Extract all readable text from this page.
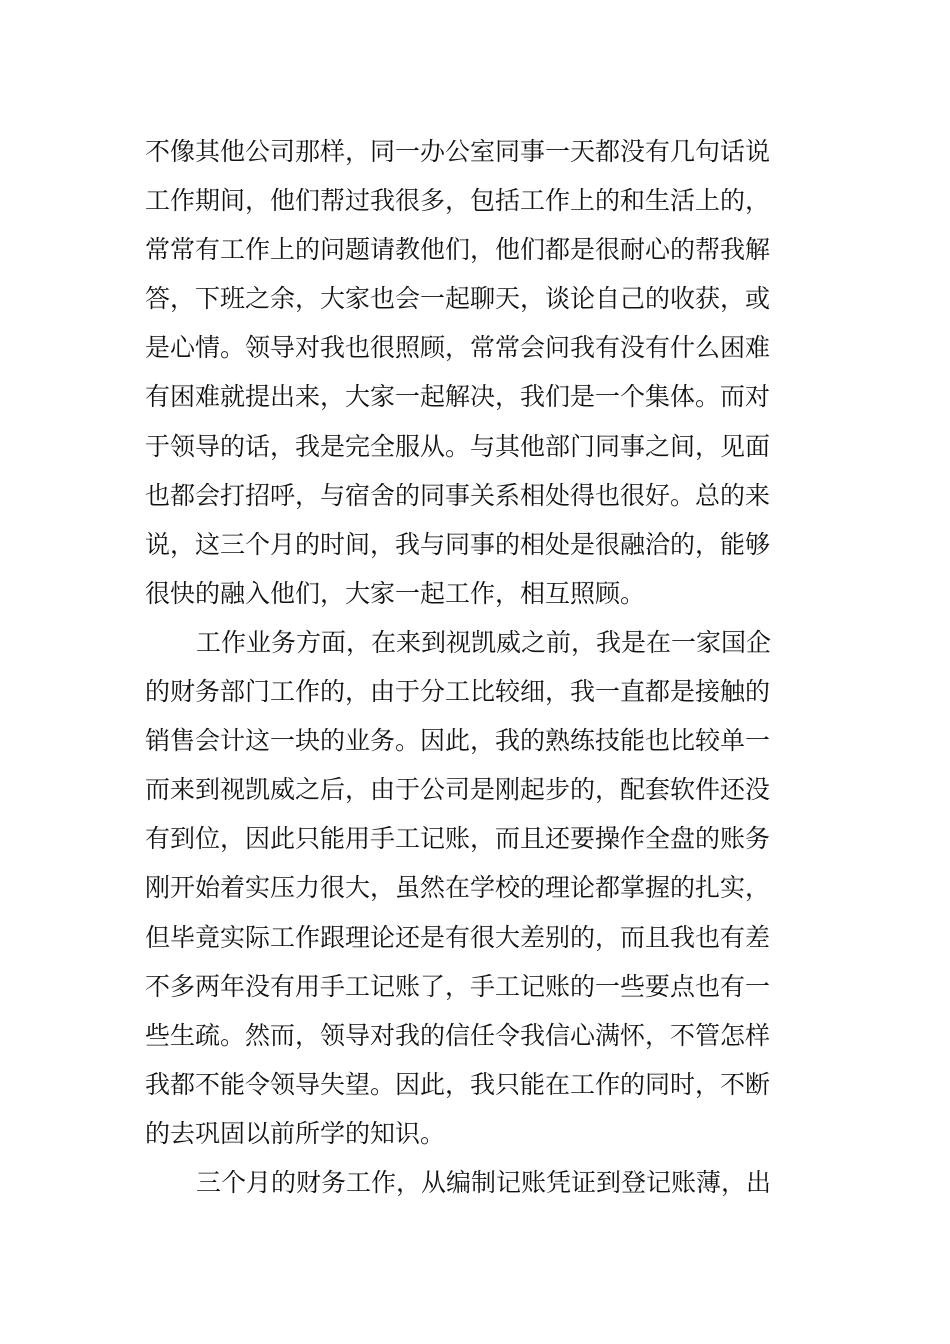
不像其他公司那样，同一办公室同事一天都没有几句话说
工作期间，他们帮过我很多，包括工作上的和生活上的，
常常有工作上的问题请教他们，他们都是很耐心的帮我解
答，下班之余，大家也会一起聊天，谈论自己的收获，或
是心情。领导对我也很照顾，常常会问我有没有什么困难
有困难就提出来，大家一起解决，我们是一个集体。而对
于领导的话，我是完全服从。与其他部门同事之间，见面
也都会打招呼，与宿舍的同事关系相处得也很好。总的来
说，这三个月的时间，我与同事的相处是很融洽的，能够
很快的融入他们，大家一起工作，相互照顾。
工作业务方面，在来到视凯威之前，我是在一家国企
的财务部门工作的，由于分工比较细，我一直都是接触的
销售会计这一块的业务。因此，我的熟练技能也比较单一
而来到视凯威之后，由于公司是刚起步的，配套软件还没
有到位，因此只能用手工记账，而且还要操作全盘的账务
刚开始着实压力很大，虽然在学校的理论都掌握的扎实，
但毕竟实际工作跟理论还是有很大差别的，而且我也有差
不多两年没有用手工记账了，手工记账的一些要点也有一
些生疏。然而，领导对我的信任令我信心满怀，不管怎样
我都不能令领导失望。因此，我只能在工作的同时，不断
的去巩固以前所学的知识。
三个月的财务工作，从编制记账凭证到登记账薄，出
